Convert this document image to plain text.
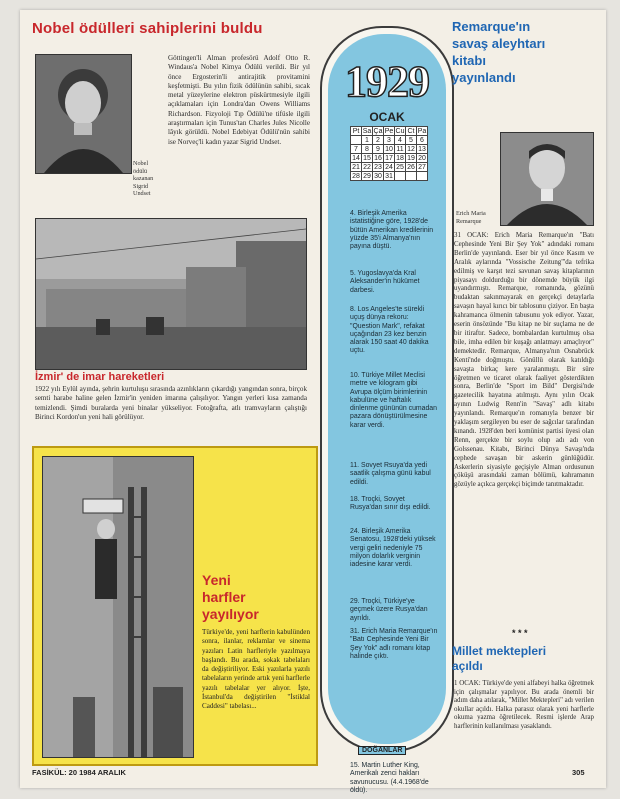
Nobel ödülleri sahiplerini buldu
Nobel ödülü kazanan Sigrid Undset
Göttingen'li Alman profesörü Adolf Otto R. Windaus'a Nobel Kimya Ödülü verildi. Bir yıl önce Ergosterin'li antirajitik provitamini keşfetmişti. Bu yılın fizik ödülünün sahibi, sıcak metal yüzeylerine elektron püskürtmesiyle ilgili açıklamaları için Londra'dan Owens Williams Richardson. Fizyoloji Tıp Ödülü'ne tifüsle ilgili araştırmaları için Tunus'tan Charles Jules Nicolle lâyık görüldü. Nobel Edebiyat Ödülü'nün sahibi ise Norveç'li kadın yazar Sigrid Undset.
İzmir' de imar hareketleri
1922 yılı Eylül ayında, şehrin kurtuluşu sırasında azınlıkların çıkardığı yangından sonra, birçok semti harabe haline gelen İzmir'in yeniden imarına çalışılıyor. Yangın yerleri kısa zamanda temizlendi. Şimdi buralarda yeni binalar yükseliyor. Fotoğrafta, atlı tramvayların çalıştığı Birinci Kordon'un yeni hali görülüyor.
Yeni
harfler
yayılıyor
Türkiye'de, yeni harflerin kabulünden sonra, ilanlar, reklamlar ve sinema yazıları Latin harfleriyle yazılmaya başlandı. Bu arada, sokak tabelaları da değiştiriliyor. Eski yazılarla yazılı tabelaların yerinde artık yeni harflerle yazılı tabelalar yer alıyor. İşte, İstanbul'da değiştirilen "İstiklal Caddesi" tabelası...
1929
OCAK
Pt	Sa	Ça	Pe	Cu	Ct	Pa
	1	2	3	4	5	6
7	8	9	10	11	12	13
14	15	16	17	18	19	20
21	22	23	24	25	26	27
28	29	30	31			
4. Birleşik Amerika istatistiğine göre, 1928'de bütün Amerikan kredilerinin yüzde 35'i Almanya'nın payına düştü.
5. Yugoslavya'da Kral Aleksander'in hükümet darbesi.
8. Los Angeles'te sürekli uçuş dünya rekoru: "Question Mark", refakat uçağından 23 kez benzin alarak 150 saat 40 dakika uçtu.
10. Türkiye Millet Meclisi metre ve kilogram gibi Avrupa ölçüm birimlerinin kabulüne ve haftalık dinlenme gününün cumadan pazara dönüştürülmesine karar verdi.
11. Sovyet Rsuya'da yedi saatlik çalışma günü kabul edildi.
18. Troçki, Sovyet Rusya'dan sınır dışı edildi.
24. Birleşik Amerika Senatosu, 1928'deki yüksek vergi geliri nedeniyle 75 milyon dolarlık verginin iadesine karar verdi.
29. Troçki, Türkiye'ye geçmek üzere Rusya'dan ayrıldı.
31. Erich Maria Remarque'ın "Batı Cephesinde Yeni Bir Şey Yok" adlı romanı kitap halinde çıktı.
DOĞANLAR
15. Martin Luther King, Amerikalı zenci hakları savunucusu. (4.4.1968'de öldü).
Remarque'ın
savaş aleyhtarı
kitabı
yayınlandı
Erich Maria Remarque
31 OCAK: Erich Maria Remarque'ın "Batı Cephesinde Yeni Bir Şey Yok" adındaki romanı Berlin'de yayınlandı. Eser bir yıl önce Kasım ve Aralık aylarında "Vossische Zeitung"'da tefrika edilmiş ve karşıt tezi savunan savaş kitaplarının piyasayı doldurduğu bir dönemde büyük ilgi uyandırmıştı. Remarque, romanında, gözünü budaktan sakınmayarak en gerçekçi detaylarla savaşın hayal kırıcı bir tablosunu çiziyor. En başta kahramanca ölmenin tabusunu yok ediyor. Yazar, eserin önsözünde "Bu kitap ne bir suçlama ne de bir itiraftır. Sadece, bombalardan kurtulmuş olsa bile, imha edilen bir kuşağı anlatmayı amaçlıyor" demektedir. Remarque, Almanya'nın Osnabrück Kenti'nde doğmuştu. Gönüllü olarak katıldığı savaşta birkaç kere yaralanmıştı. Bir süre öğretmen ve ticaret olarak faaliyet gösterdikten sonra, Berlin'de "Sport im Bild" Dergisi'nde gazetecilik hayatına atılmıştı. Aynı yılın Ocak ayının Ludwig Renn'in "Savaş" adlı kitabı yayınlandı. Remarque'ın romanıyla benzer bir yaklaşım sergileyen bu eser de sağcılar tarafından kınandı. 1928'den beri komünist partisi üyesi olan Renn, gerçekte bir soylu olup adı adı von Golssenau. Kitabı, Birinci Dünya Savaşı'nda cephede savaşan bir askerin günlüğüdür. Askerlerin siyasiyle geçişiyle Alman ordusunun çöküşü arasındaki zaman bölümü, kahramanın gözüyle açıkca gerçekçi biçimde tanıtmaktadır.
* * *
Millet mektepleri
açıldı
1 OCAK: Türkiye'de yeni alfabeyi halka öğretmek için çalışmalar yapılıyor. Bu arada önemli bir adım daha atılarak, "Millet Mektepleri" adı verilen okullar açıldı. Halka parasız olarak yeni harflerle okuma yazma öğretilecek. Resmi işlerde Arap harflerinin kullanılması yasaklandı.
FASİKÜL: 20 1984 ARALIK	305
